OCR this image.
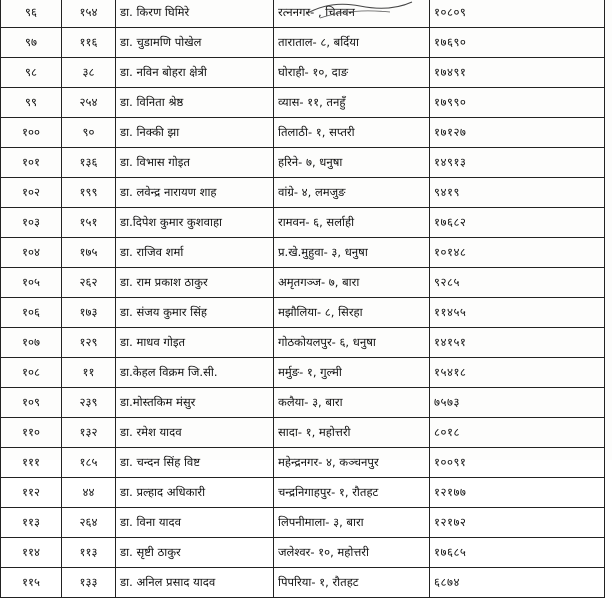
९६	१५४	डा. किरण घिमिरे	रत्ननगर- , चितवन	१०८०९
९७	११६	डा. चुडामणि पोखेल	ताराताल- ८, बर्दिया	१७६९०
९८	३८	डा. नविन बोहरा क्षेत्री	घोराही- १०, दाङ	१७४९१
९९	२५४	डा. विनिता श्रेष्ठ	व्यास- ११, तनहुँ	१७९९०
१००	९०	डा. निक्की झा	तिलाठी- १, सप्तरी	१७१२७
१०१	१३६	डा. विभास गोइत	हरिने- ७, धनुषा	१४९१३
१०२	१९९	डा. लवेन्द्र नारायण शाह	वांग्रे- ४, लमजुङ	९४१९
१०३	१५१	डा.दिपेश कुमार कुशवाहा	रामवन- ६, सर्लाही	१७६८२
१०४	१७५	डा. राजिव शर्मा	प्र.खे.मुहुवा- ३, धनुषा	१०१४८
१०५	२६२	डा. राम प्रकाश ठाकुर	अमृतगञ्ज- ७, बारा	९२८५
१०६	१७३	डा. संजय कुमार सिंह	मझौलिया- ८, सिरहा	११४५५
१०७	१२९	डा. माधव गोइत	गोठकोयलपुर- ६, धनुषा	१४१५१
१०८	११	डा.केहल विक्रम जि.सी.	मर्मुङ- १, गुल्मी	१५४१८
१०९	२३९	डा.मोस्तकिम मंसुर	कलैया- ३, बारा	७५७३
११०	१३२	डा. रमेश यादव	सादा- १, महोत्तरी	८०१८
१११	१८५	डा. चन्दन सिंह विष्ट	महेन्द्रनगर- ४, कञ्चनपुर	१००९१
११२	४४	डा. प्रल्हाद अधिकारी	चन्द्रनिगाहपुर- १, रौतहट	१२१७७
११३	२६४	डा. विना यादव	लिपनीमाला- ३, बारा	१२१७२
११४	११३	डा. सृष्टी ठाकुर	जलेश्वर- १०, महोत्तरी	१७६८५
११५	१३३	डा. अनिल प्रसाद यादव	पिपरिया- १, रौतहट	६८७४
